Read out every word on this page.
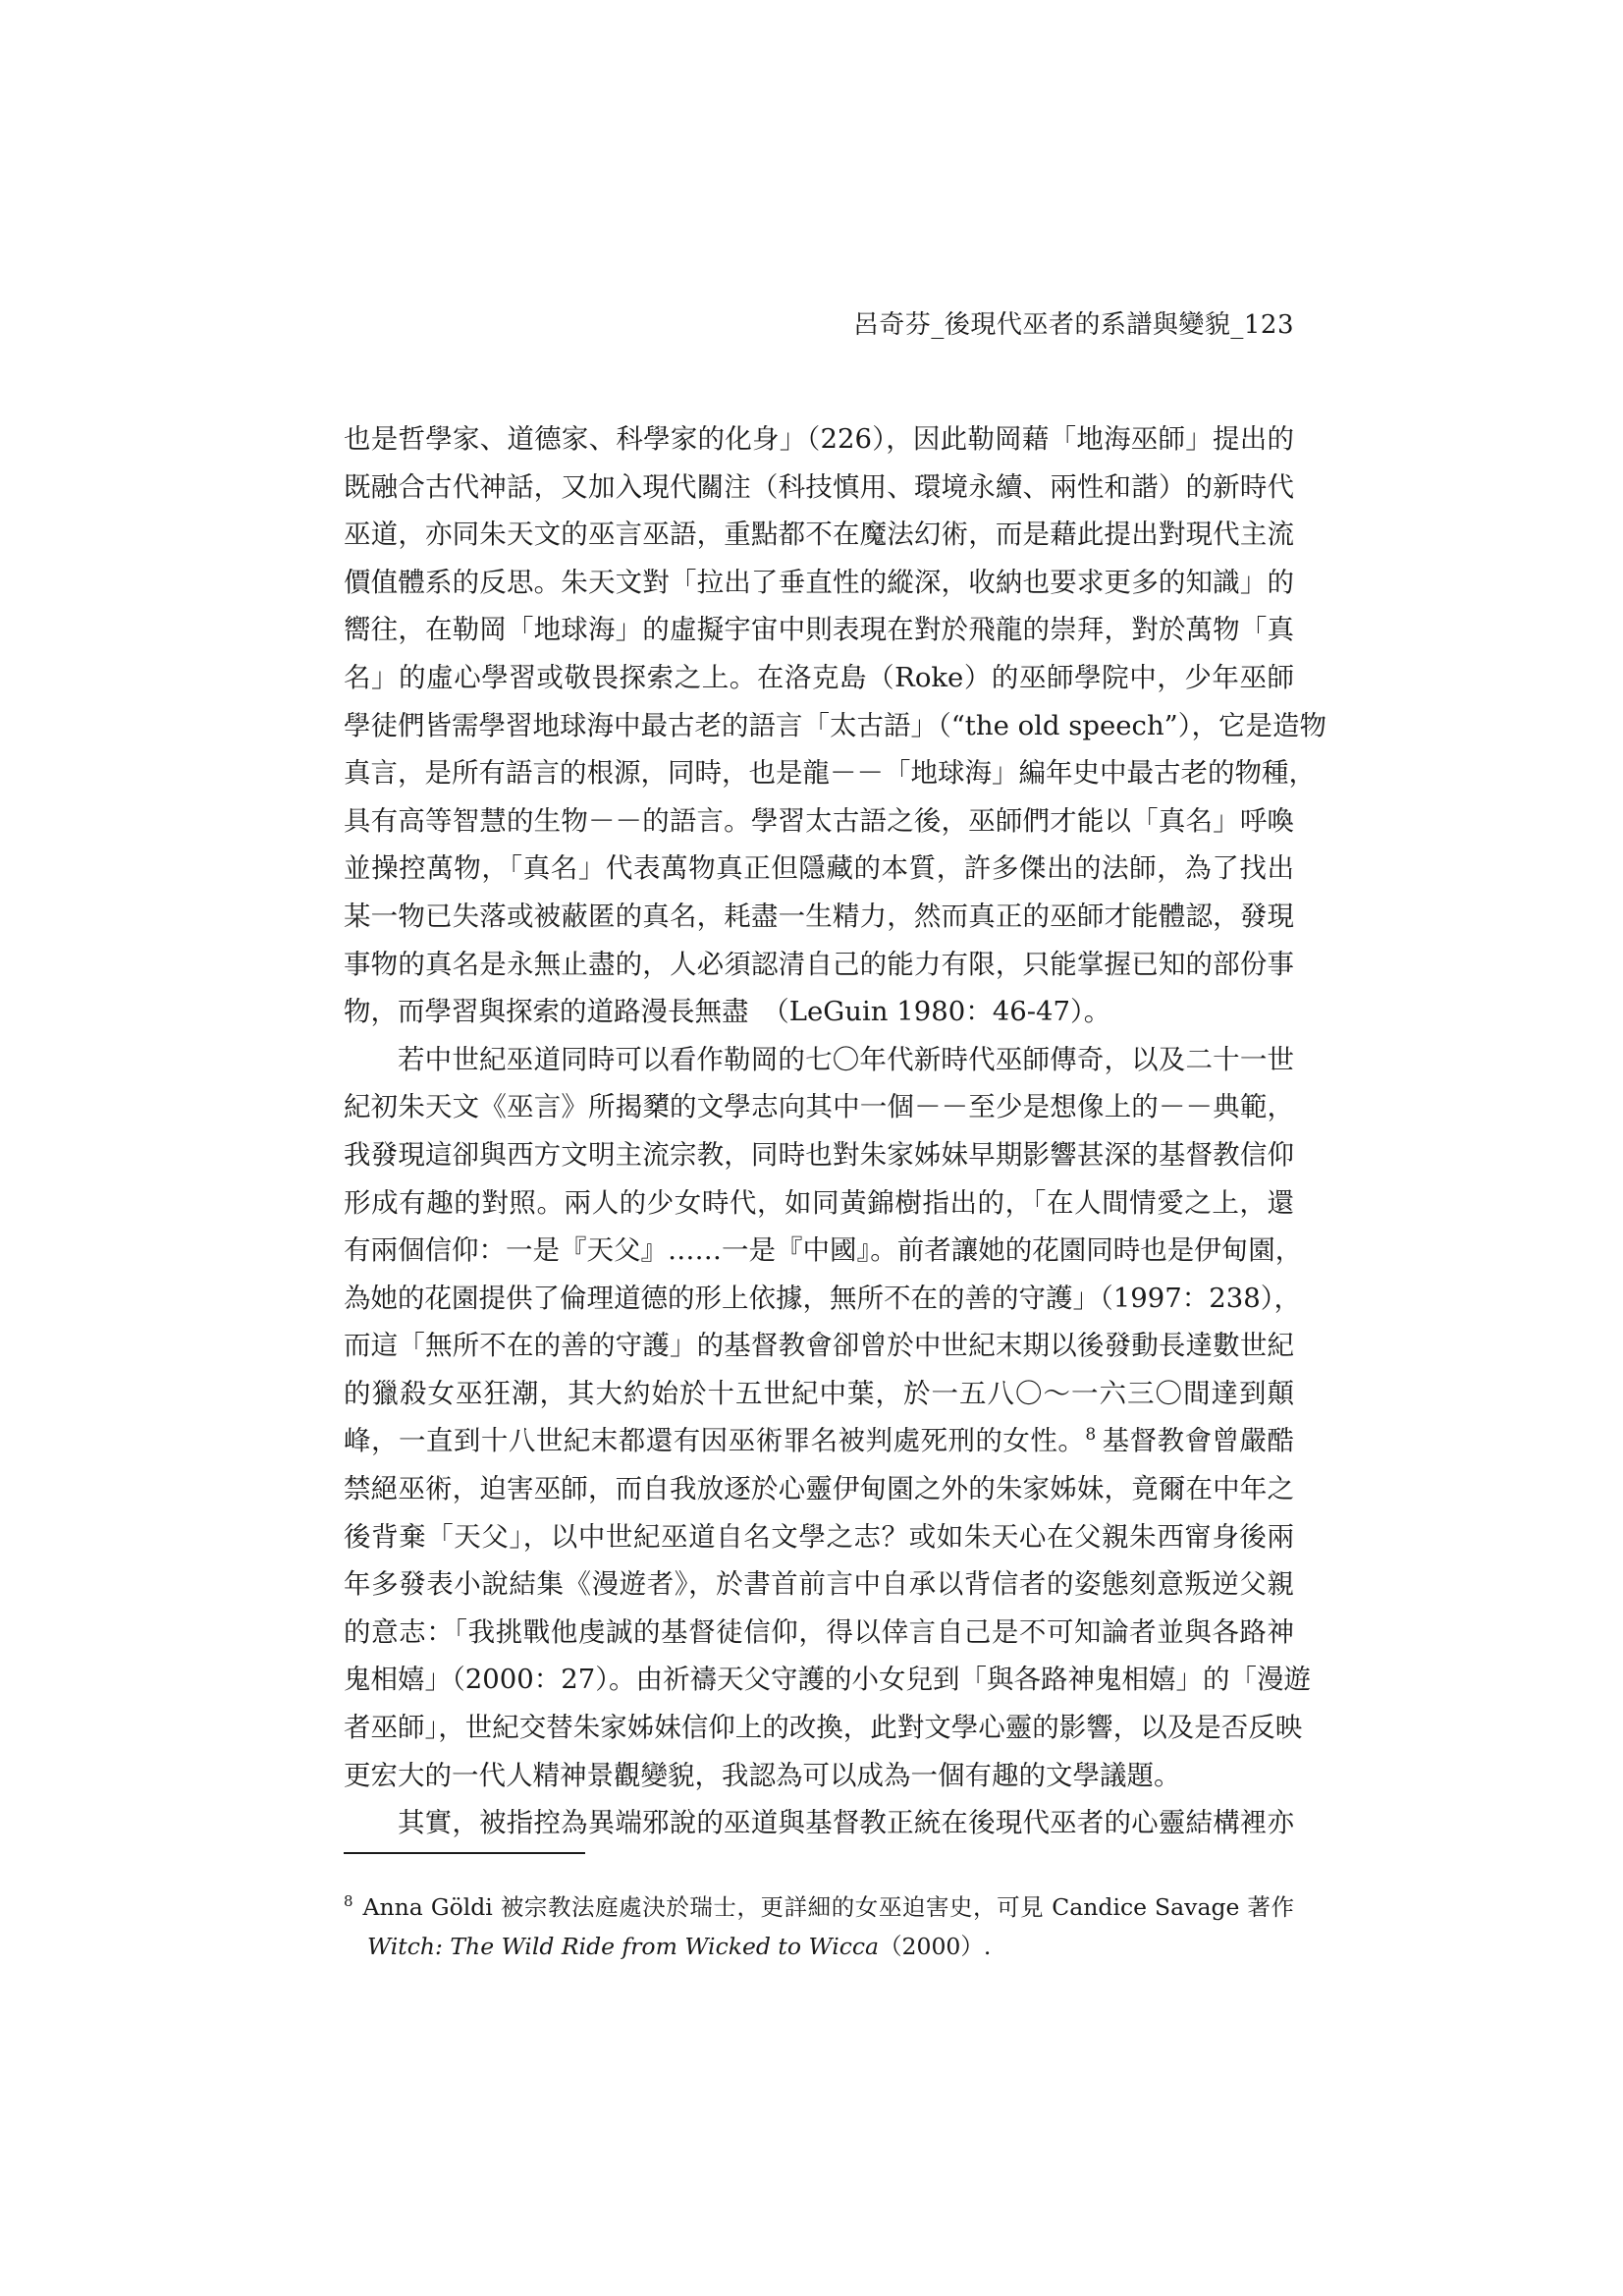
呂奇芬_後現代巫者的系譜與變貌_123
也是哲學家、道德家、科學家的化身」（226），因此勒岡藉「地海巫師」提出的
既融合古代神話，又加入現代關注（科技慎用、環境永續、兩性和諧）的新時代
巫道，亦同朱天文的巫言巫語，重點都不在魔法幻術，而是藉此提出對現代主流
價值體系的反思。朱天文對「拉出了垂直性的縱深，收納也要求更多的知識」的
嚮往，在勒岡「地球海」的虛擬宇宙中則表現在對於飛龍的崇拜，對於萬物「真
名」的虛心學習或敬畏探索之上。在洛克島（Roke）的巫師學院中，少年巫師
學徒們皆需學習地球海中最古老的語言「太古語」（“the old speech”），它是造物
真言，是所有語言的根源，同時，也是龍－－「地球海」編年史中最古老的物種，
具有高等智慧的生物－－的語言。學習太古語之後，巫師們才能以「真名」呼喚
並操控萬物，「真名」代表萬物真正但隱藏的本質，許多傑出的法師，為了找出
某一物已失落或被蔽匿的真名，耗盡一生精力，然而真正的巫師才能體認，發現
事物的真名是永無止盡的，人必須認清自己的能力有限，只能掌握已知的部份事
物，而學習與探索的道路漫長無盡　（LeGuin 1980：46-47）。
若中世紀巫道同時可以看作勒岡的七〇年代新時代巫師傳奇，以及二十一世
紀初朱天文《巫言》所揭櫫的文學志向其中一個－－至少是想像上的－－典範，
我發現這卻與西方文明主流宗教，同時也對朱家姊妹早期影響甚深的基督教信仰
形成有趣的對照。兩人的少女時代，如同黃錦樹指出的，「在人間情愛之上，還
有兩個信仰：一是『天父』……一是『中國』。前者讓她的花園同時也是伊甸園，
為她的花園提供了倫理道德的形上依據，無所不在的善的守護」（1997：238），
而這「無所不在的善的守護」的基督教會卻曾於中世紀末期以後發動長達數世紀
的獵殺女巫狂潮，其大約始於十五世紀中葉，於一五八〇～一六三〇間達到顛
峰，一直到十八世紀末都還有因巫術罪名被判處死刑的女性。$^8$ 基督教會曾嚴酷
禁絕巫術，迫害巫師，而自我放逐於心靈伊甸園之外的朱家姊妹，竟爾在中年之
後背棄「天父」，以中世紀巫道自名文學之志？或如朱天心在父親朱西甯身後兩
年多發表小說結集《漫遊者》，於書首前言中自承以背信者的姿態刻意叛逆父親
的意志：「我挑戰他虔誠的基督徒信仰，得以倖言自己是不可知論者並與各路神
鬼相嬉」（2000：27）。由祈禱天父守護的小女兒到「與各路神鬼相嬉」的「漫遊
者巫師」，世紀交替朱家姊妹信仰上的改換，此對文學心靈的影響，以及是否反映
更宏大的一代人精神景觀變貌，我認為可以成為一個有趣的文學議題。
其實，被指控為異端邪說的巫道與基督教正統在後現代巫者的心靈結構裡亦
$^8$ Anna Göldi 被宗教法庭處決於瑞士，更詳細的女巫迫害史，可見 Candice Savage 著作
Witch: The Wild Ride from Wicked to Wicca（2000）.
